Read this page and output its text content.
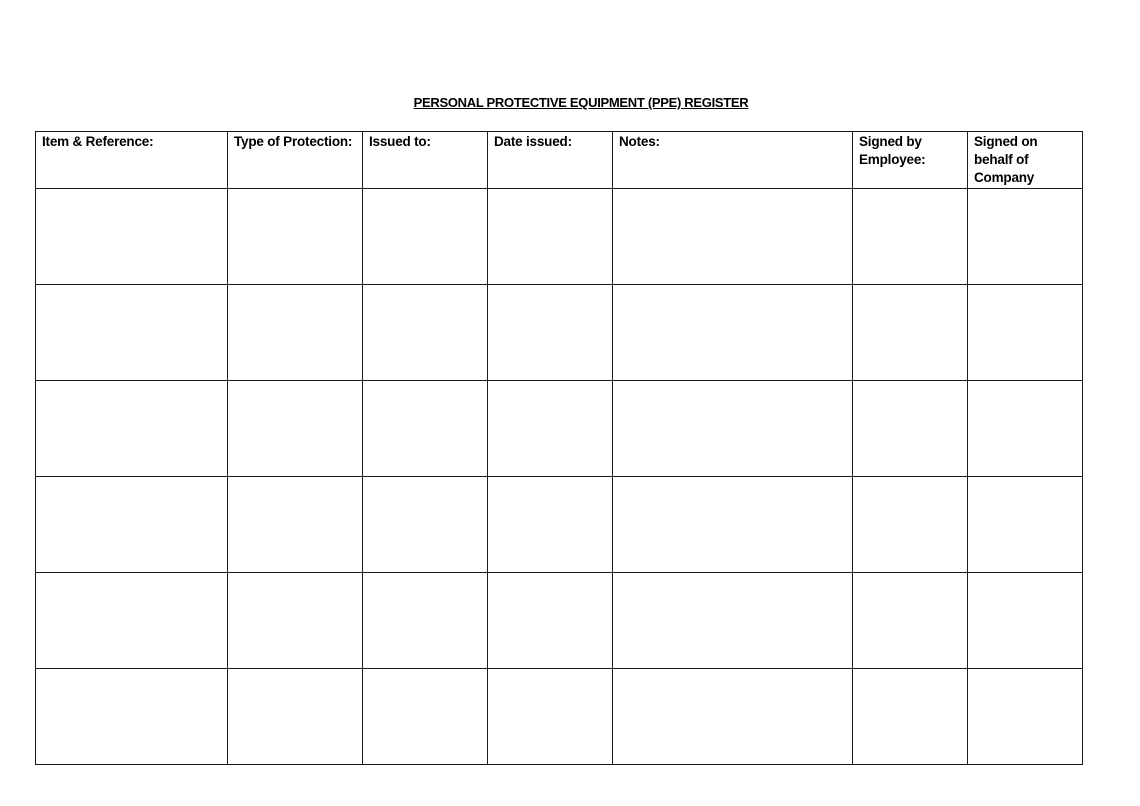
PERSONAL PROTECTIVE EQUIPMENT (PPE) REGISTER
Item & Reference:	Type of Protection:	Issued to:	Date issued:	Notes:	Signed by Employee:	Signed on behalf of Company
